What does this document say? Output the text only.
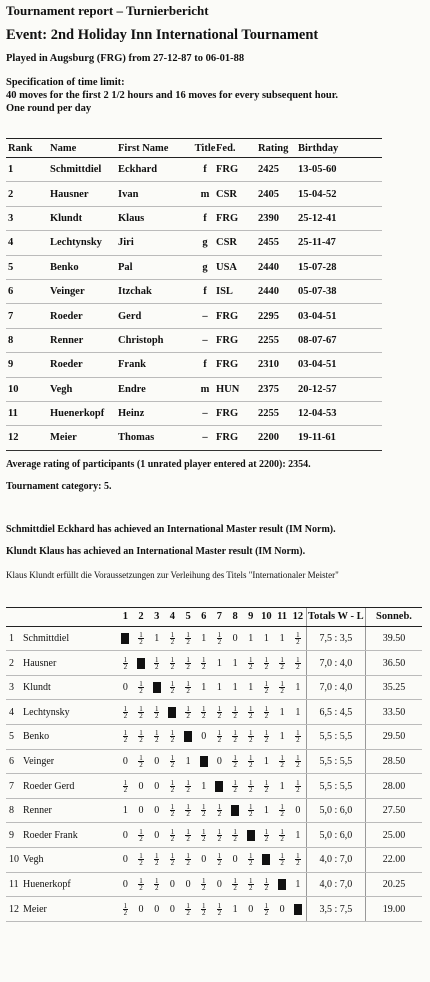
Tournament report – Turnierbericht
Event: 2nd Holiday Inn International Tournament
Played in Augsburg (FRG) from 27-12-87 to 06-01-88
Specification of time limit:
40 moves for the first 2 1/2 hours and 16 moves for every subsequent hour.
One round per day
Rank	Name	First Name	Title	Fed.	Rating	Birthday
1	Schmittdiel	Eckhard	f	FRG	2425	13-05-60
2	Hausner	Ivan	m	CSR	2405	15-04-52
3	Klundt	Klaus	f	FRG	2390	25-12-41
4	Lechtynsky	Jiri	g	CSR	2455	25-11-47
5	Benko	Pal	g	USA	2440	15-07-28
6	Veinger	Itzchak	f	ISL	2440	05-07-38
7	Roeder	Gerd	–	FRG	2295	03-04-51
8	Renner	Christoph	–	FRG	2255	08-07-67
9	Roeder	Frank	f	FRG	2310	03-04-51
10	Vegh	Endre	m	HUN	2375	20-12-57
11	Huenerkopf	Heinz	–	FRG	2255	12-04-53
12	Meier	Thomas	–	FRG	2200	19-11-61
Average rating of participants (1 unrated player entered at 2200): 2354.
Tournament category: 5.
Schmittdiel Eckhard has achieved an International Master result (IM Norm).
Klundt Klaus has achieved an International Master result (IM Norm).
Klaus Klundt erfüllt die Voraussetzungen zur Verleihung des Titels "Internationaler Meister"
	1	2	3	4	5	6	7	8	9	10	11	12	Totals W - L	Sonneb.
1 Schmittdiel		$\frac{1}{2}$	1	$\frac{1}{2}$	$\frac{1}{2}$	1	$\frac{1}{2}$	0	1	1	1	$\frac{1}{2}$	7,5 : 3,5	39.50
2 Hausner	$\frac{1}{2}$		$\frac{1}{2}$	$\frac{1}{2}$	$\frac{1}{2}$	$\frac{1}{2}$	1	1	$\frac{1}{2}$	$\frac{1}{2}$	$\frac{1}{2}$	$\frac{1}{2}$	7,0 : 4,0	36.50
3 Klundt	0	$\frac{1}{2}$		$\frac{1}{2}$	$\frac{1}{2}$	1	1	1	1	$\frac{1}{2}$	$\frac{1}{2}$	1	7,0 : 4,0	35.25
4 Lechtynsky	$\frac{1}{2}$	$\frac{1}{2}$	$\frac{1}{2}$		$\frac{1}{2}$	$\frac{1}{2}$	$\frac{1}{2}$	$\frac{1}{2}$	$\frac{1}{2}$	$\frac{1}{2}$	1	1	6,5 : 4,5	33.50
5 Benko	$\frac{1}{2}$	$\frac{1}{2}$	$\frac{1}{2}$	$\frac{1}{2}$		0	$\frac{1}{2}$	$\frac{1}{2}$	$\frac{1}{2}$	$\frac{1}{2}$	1	$\frac{1}{2}$	5,5 : 5,5	29.50
6 Veinger	0	$\frac{1}{2}$	0	$\frac{1}{2}$	1		0	$\frac{1}{2}$	$\frac{1}{2}$	1	$\frac{1}{2}$	$\frac{1}{2}$	5,5 : 5,5	28.50
7 Roeder Gerd	$\frac{1}{2}$	0	0	$\frac{1}{2}$	$\frac{1}{2}$	1		$\frac{1}{2}$	$\frac{1}{2}$	$\frac{1}{2}$	1	$\frac{1}{2}$	5,5 : 5,5	28.00
8 Renner	1	0	0	$\frac{1}{2}$	$\frac{1}{2}$	$\frac{1}{2}$	$\frac{1}{2}$		$\frac{1}{2}$	1	$\frac{1}{2}$	0	5,0 : 6,0	27.50
9 Roeder Frank	0	$\frac{1}{2}$	0	$\frac{1}{2}$	$\frac{1}{2}$	$\frac{1}{2}$	$\frac{1}{2}$	$\frac{1}{2}$		$\frac{1}{2}$	$\frac{1}{2}$	1	5,0 : 6,0	25.00
10 Vegh	0	$\frac{1}{2}$	$\frac{1}{2}$	$\frac{1}{2}$	$\frac{1}{2}$	0	$\frac{1}{2}$	0	$\frac{1}{2}$		$\frac{1}{2}$	$\frac{1}{2}$	4,0 : 7,0	22.00
11 Huenerkopf	0	$\frac{1}{2}$	$\frac{1}{2}$	0	0	$\frac{1}{2}$	0	$\frac{1}{2}$	$\frac{1}{2}$	$\frac{1}{2}$		1	4,0 : 7,0	20.25
12 Meier	$\frac{1}{2}$	0	0	0	$\frac{1}{2}$	$\frac{1}{2}$	$\frac{1}{2}$	1	0	$\frac{1}{2}$	0		3,5 : 7,5	19.00
